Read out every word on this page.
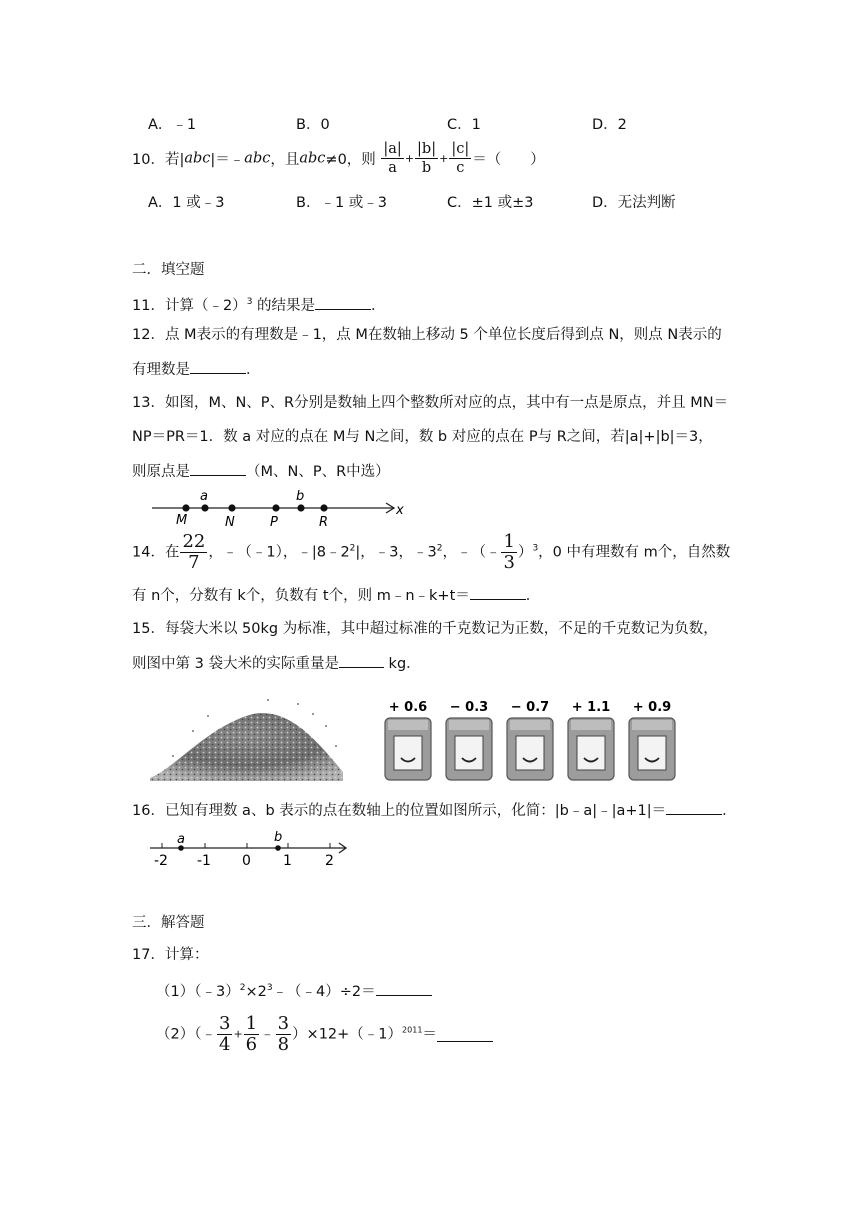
A．﹣1	B．0	C．1	D．2
10．若|abc|＝﹣abc，且abc≠0，则 $\frac{|a|}{a} + \frac{|b|}{b} + \frac{|c|}{c}$ ＝（　　）
A．1 或﹣3	B．﹣1 或﹣3	C．±1 或±3	D．无法判断
二．填空题
11．计算（﹣2）$^3$ 的结果是	．
12．点 M表示的有理数是﹣1，点 M在数轴上移动 5 个单位长度后得到点 N，则点 N表示的
有理数是	．
13．如图，M、N、P、R分别是数轴上四个整数所对应的点，其中有一点是原点，并且 MN＝
NP＝PR＝1．数 a 对应的点在 M与 N之间，数 b 对应的点在 P与 R之间，若|a|+|b|＝3，
则原点是	（M、N、P、R中选）
M
a
N	P
b
R
x
14．在 $\frac{22}{7}$ ，﹣（﹣1），$﹣|8﹣2^2|$，﹣3，$﹣3^2$，﹣（﹣ $\frac{1}{3} )^3$，0 中有理数有 m个，自然数
有 n个，分数有 k个，负数有 t个，则 m﹣n﹣k+t＝	．
15．每袋大米以 50kg 为标准，其中超过标准的千克数记为正数，不足的千克数记为负数，
则图中第 3 袋大米的实际重量是	kg．
+ 0.6 − 0.3 − 0.7 + 1.1 + 0.9
16．已知有理数 a、b 表示的点在数轴上的位置如图所示，化简：|b﹣a|﹣|a+1|＝	．
a	b
-2 -1 0 1 2
三．解答题
17．计算：
$(1)(﹣3)^2\times 2^3﹣(﹣4)\div 2=$
（2）（﹣ $\frac{3}{4} + \frac{1}{6}$ ﹣ $\frac{3}{8}$ ）×12+（﹣1）$^{2011}$＝
